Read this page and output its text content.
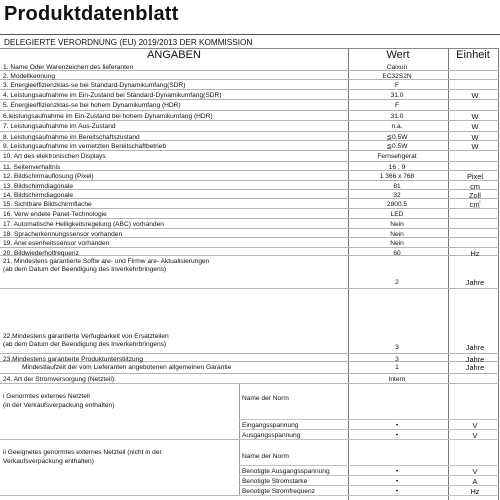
Produktdatenblatt
DELEGIERTE VERORDNUNG (EU) 2019/2013 DER KOMMISSION
ANGABEN	Wert	Einheit
1. Name Oder Warenzeichen des lieferanten	Caixun
2. Modellkennung	EC32S2N
3. Energieeffizienzklas-se bei Standard-Dynamikumfang(SDR)	F
4. Leistungsaufnahme im Ein-Zustand bei Standard-Dynamikumfang(SDR)	31.0	W
5. Energieeffizienzklas-se bei hohem Dynamikumfang (HDR)	F
6.leistungsaufnahme im Ein-Zustand bei hohem Dynamikumfang (HDR)	31.0	W
7. Leistungsaufnahme im Aus-Zustand	n.a.	W
8. Leistungsaufnahme im Bereitschaftszustand	≦0.5W	W
9. Leistungsaufnahme im vernetzten Bereitschaftbetrieb	≦0.5W	W
10. Art des elektronischen Displays	Fernsehgerat
11. Seitenverhaltnis	16 : 9
12. Bildschirmauflosung (Pixel)	1 366 x 768	Pixel
13. Bildschirmdiagonale	81	cm
14. Bildschirmdiagonale	32	Zoll
15. Sichtbare Bildschirmflache	2800.5	c㎡
16. Verw endete Panel-Technologie	LED
17. Automatische Helligkeitsregelung (ABC) vorhanden	Nein
18. Spracherkennungssensor vorhanden	Nein
19. Anw esenheitssensor vorhanden	Nein
20. Bildwiederholfrequenz	60	Hz
21. Mindestens garantierte Softw are- und Firmw are- Aktualisierungen
(ab dem Datum der Beendigung des Inverkehrbringens)
2	Jahre
22.Mindestens garantierte Verfugbarkeit von Ersatzteilen
(ab dem Datum der Beendigung des Inverkehrbringens)	3	Jahre
23.Mindestens garantierte Produktunterstiitzung	3	Jahre
Mindestlaufzeit der vom Lieferanten angebotenen allgemeinen Garantie	1	Jahre
24. Art der Stromversorgung (Netzteil):	Intern
i Genormtes externes Netzteil
(in der Verkaufsverpackung enthalten)
Name der Norm
Eingangsspannung	•	V
Ausgangsspannung	•	V
ii Geeignetes genormtes externes Netzteil (nicht in der
Verkaufsverpackung enthalten)
Name der Norm
Benotigte Ausgangsspannung	•	V
Benotigte Stromstarke	•	A
Benotigte Stromfrequenz	•	Hz
